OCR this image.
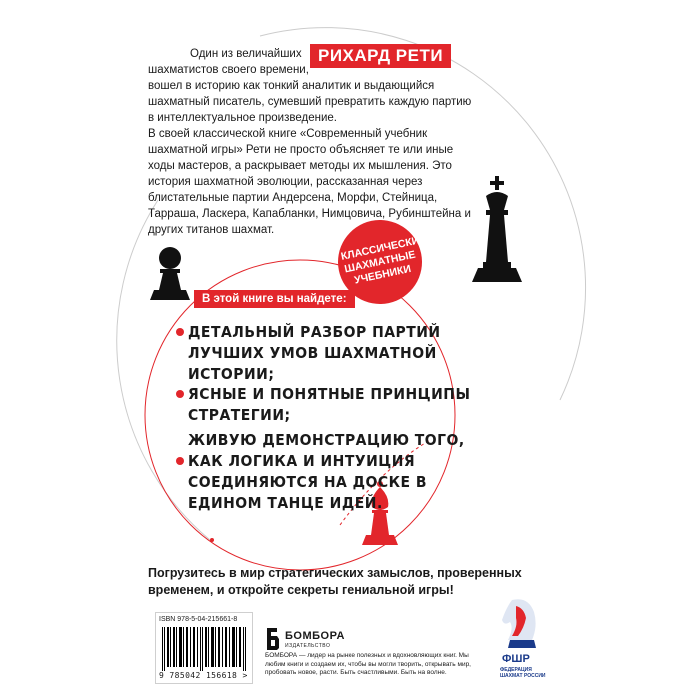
Один из величайших

шахматистов своего времени,

вошел в историю как тонкий аналитик и выдающийся шахматный писатель, сумевший превратить каждую партию в интеллектуальное произведение.

РИХАРД РЕТИ
В своей классической книге «Современный учебник шахматной игры» Рети не просто объясняет те или иные ходы мастеров, а раскрывает методы их мышления. Это история шахматной эволюции, рассказанная через блистательные партии Андерсена, Морфи, Стейница, Тарраша, Ласкера, Капабланки, Нимцовича, Рубинштейна и других титанов шахмат.
КЛАССИЧЕСКИЕ
ШАХМАТНЫЕ
УЧЕБНИКИ
В этой книге вы найдете:
ДЕТАЛЬНЫЙ РАЗБОР ПАРТИЙ ЛУЧШИХ УМОВ ШАХМАТНОЙ ИСТОРИИ;
ЯСНЫЕ И ПОНЯТНЫЕ ПРИНЦИПЫ СТРАТЕГИИ;
ЖИВУЮ ДЕМОНСТРАЦИЮ ТОГО, КАК ЛОГИКА И ИНТУИЦИЯ СОЕДИНЯЮТСЯ НА ДОСКЕ В ЕДИНОМ ТАНЦЕ ИДЕЙ.
Погрузитесь в мир стратегических замыслов, проверенных временем, и откройте секреты гениальной игры!
ISBN 978-5-04-215661-8
9 785042 156618 >
БОМБОРА
ИЗДАТЕЛЬСТВО
БОМБОРА — лидер на рынке полезных и вдохновляющих книг. Мы любим книги и создаем их, чтобы вы могли творить, открывать мир, пробовать новое, расти. Быть счастливыми. Быть на волне.
ФШР
ФЕДЕРАЦИЯ ШАХМАТ РОССИИ
